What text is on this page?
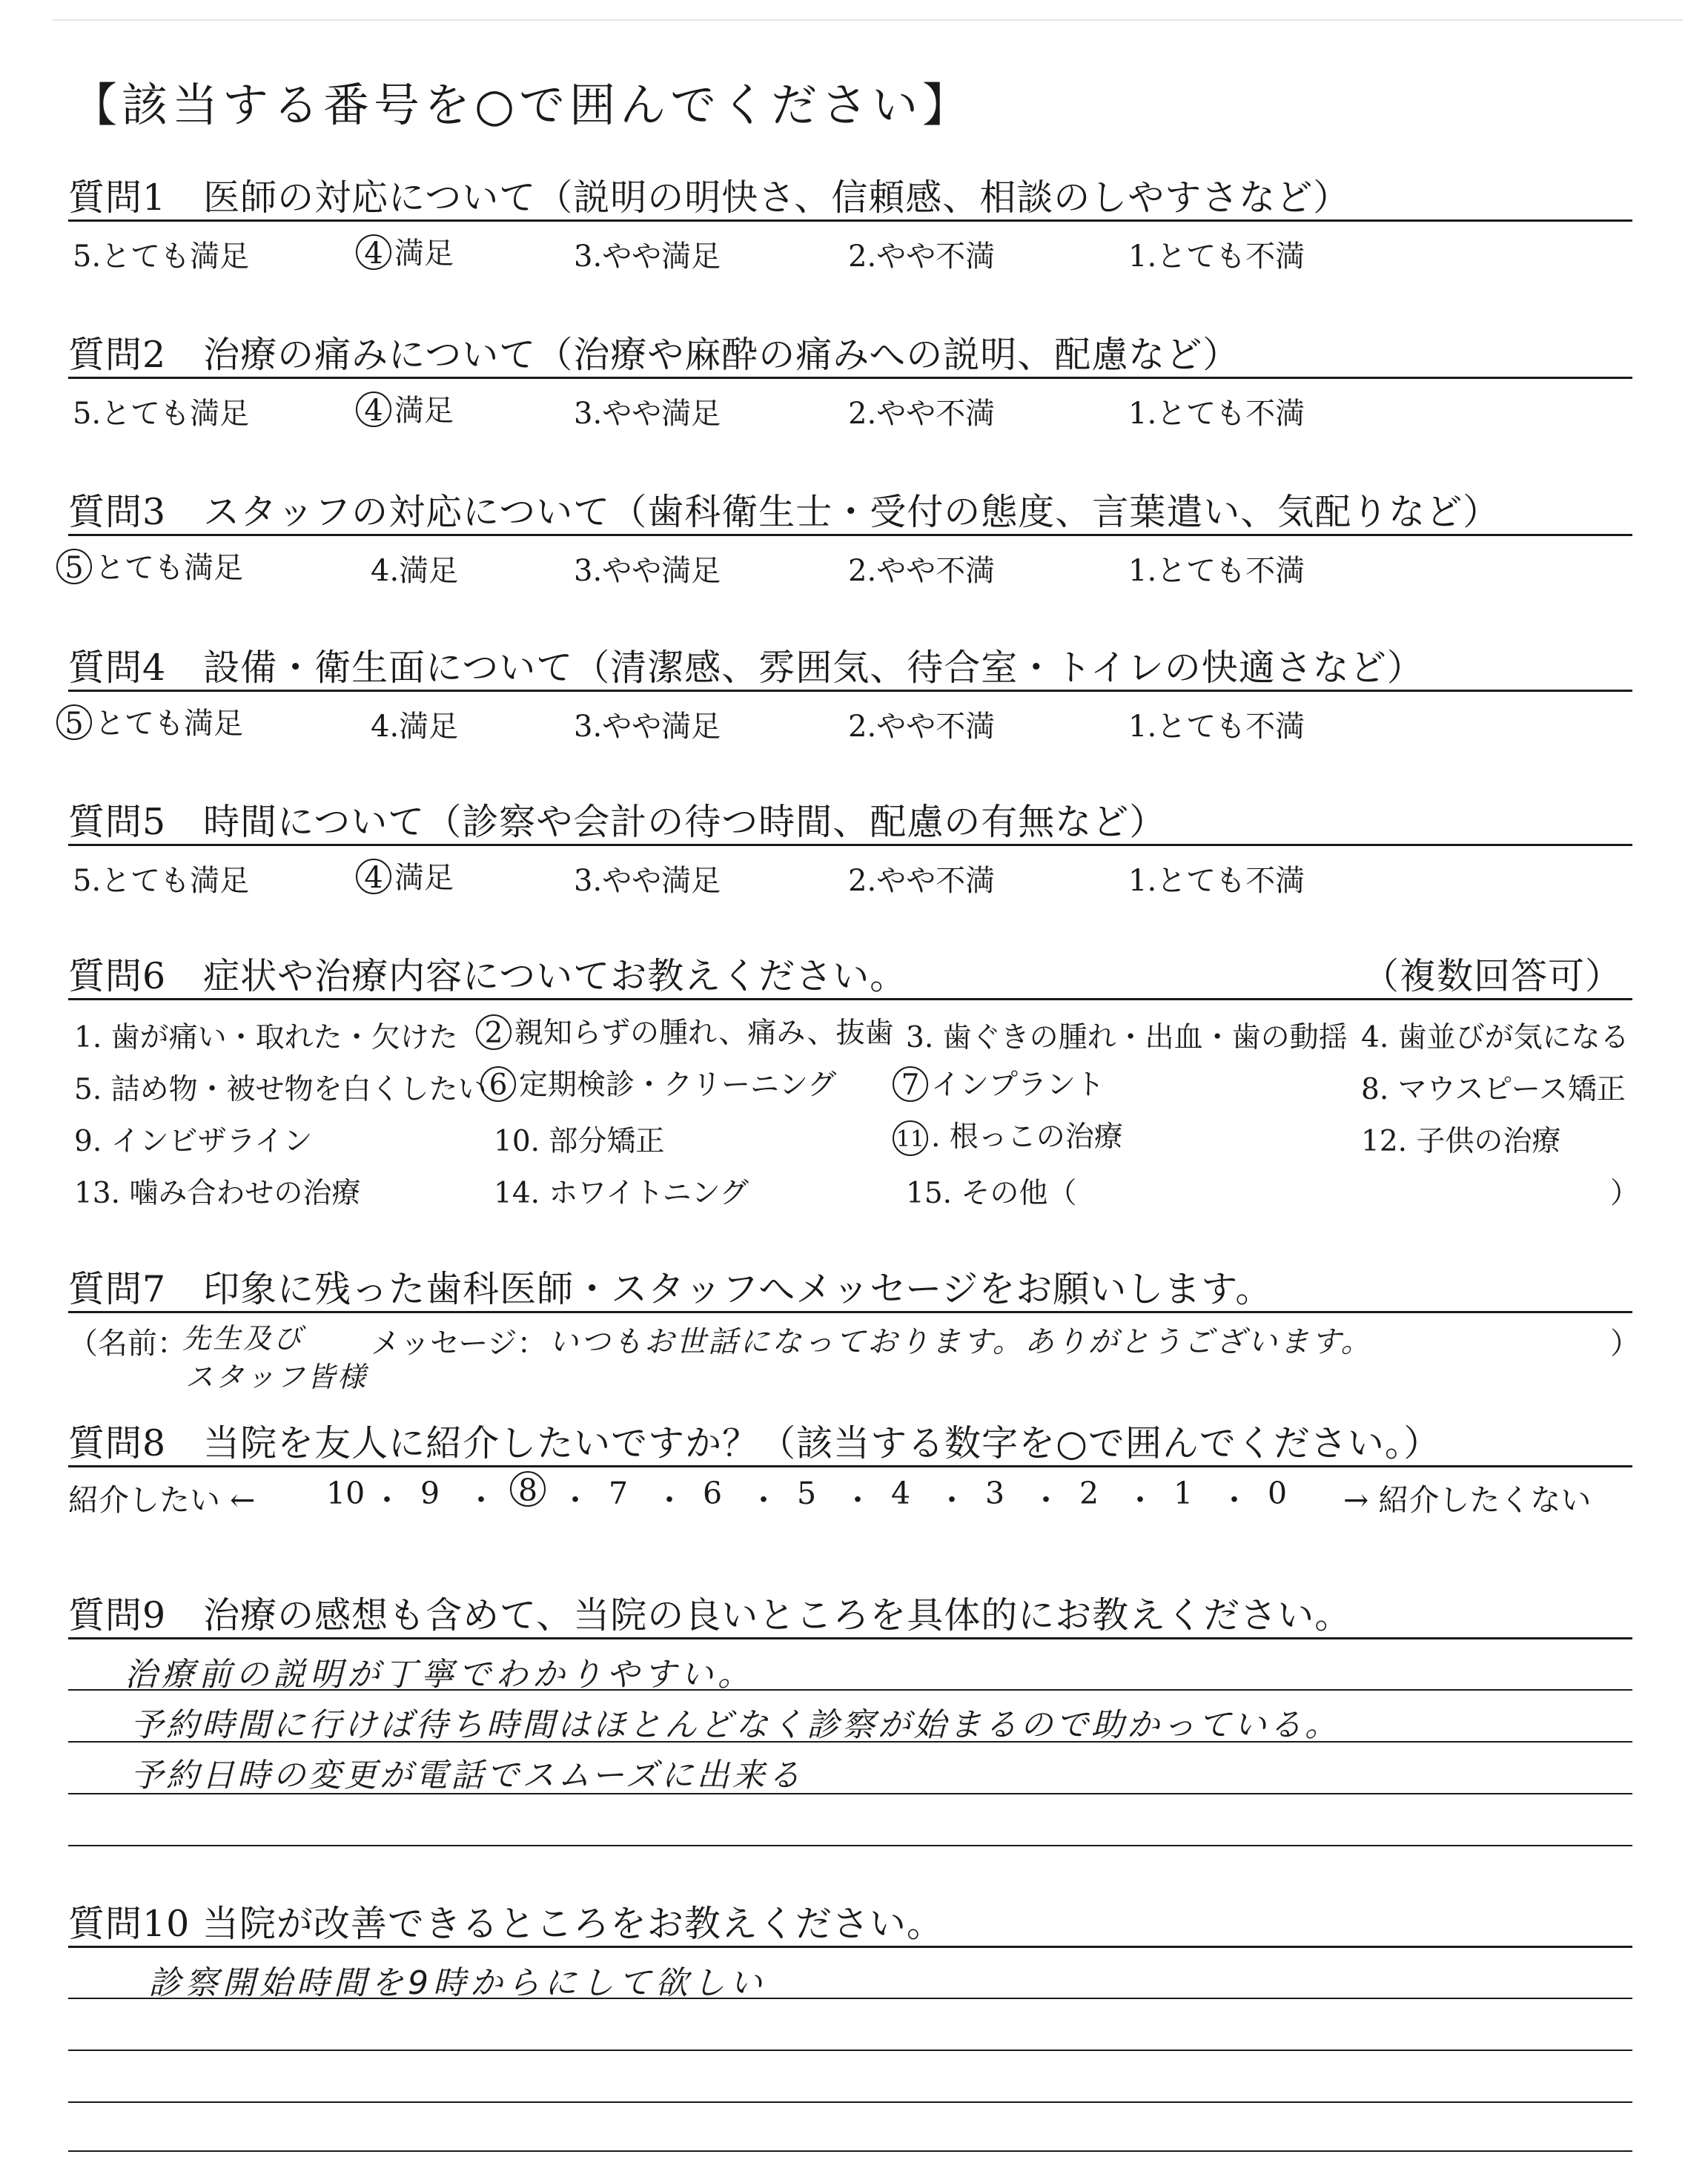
【該当する番号を○で囲んでください】
質問1　医師の対応について（説明の明快さ、信頼感、相談のしやすさなど）
5.とても満足	4 満足	3.やや満足	2.やや不満	1.とても不満
質問2　治療の痛みについて（治療や麻酔の痛みへの説明、配慮など）
5.とても満足	4 満足	3.やや満足	2.やや不満	1.とても不満
質問3　スタッフの対応について（歯科衛生士・受付の態度、言葉遣い、気配りなど）
5 とても満足	4.満足	3.やや満足	2.やや不満	1.とても不満
質問4　設備・衛生面について（清潔感、雰囲気、待合室・トイレの快適さなど）
5 とても満足	4.満足	3.やや満足	2.やや不満	1.とても不満
質問5　時間について（診察や会計の待つ時間、配慮の有無など）
5.とても満足	4 満足	3.やや満足	2.やや不満	1.とても不満
質問6　症状や治療内容についてお教えください。	（複数回答可）
1. 歯が痛い・取れた・欠けた 2 親知らずの腫れ、痛み、抜歯 3. 歯ぐきの腫れ・出血・歯の動揺 4. 歯並びが気になる
5. 詰め物・被せ物を白くしたい 6 定期検診・クリーニング 7 インプラント	8. マウスピース矯正
9. インビザライン	10. 部分矯正	11 . 根っこの治療	12. 子供の治療
13. 噛み合わせの治療	14. ホワイトニング	15. その他（	）
質問7　印象に残った歯科医師・スタッフへメッセージをお願いします。
（名前：
先生及び
スタッフ皆様
メッセージ： いつもお世話になっております。ありがとうございます。	）
質問8　当院を友人に紹介したいですか？（該当する数字を○で囲んでください。）
紹介したい ← 10 ・ 9 ・ 8 ・ 7 ・ 6 ・ 5 ・ 4 ・ 3 ・ 2 ・ 1 ・ 0 → 紹介したくない
質問9　治療の感想も含めて、当院の良いところを具体的にお教えください。
治療前の説明が丁寧でわかりやすい。
予約時間に行けば待ち時間はほとんどなく診察が始まるので助かっている。
予約日時の変更が電話でスムーズに出来る
質問10 当院が改善できるところをお教えください。
診察開始時間を9時からにして欲しい
